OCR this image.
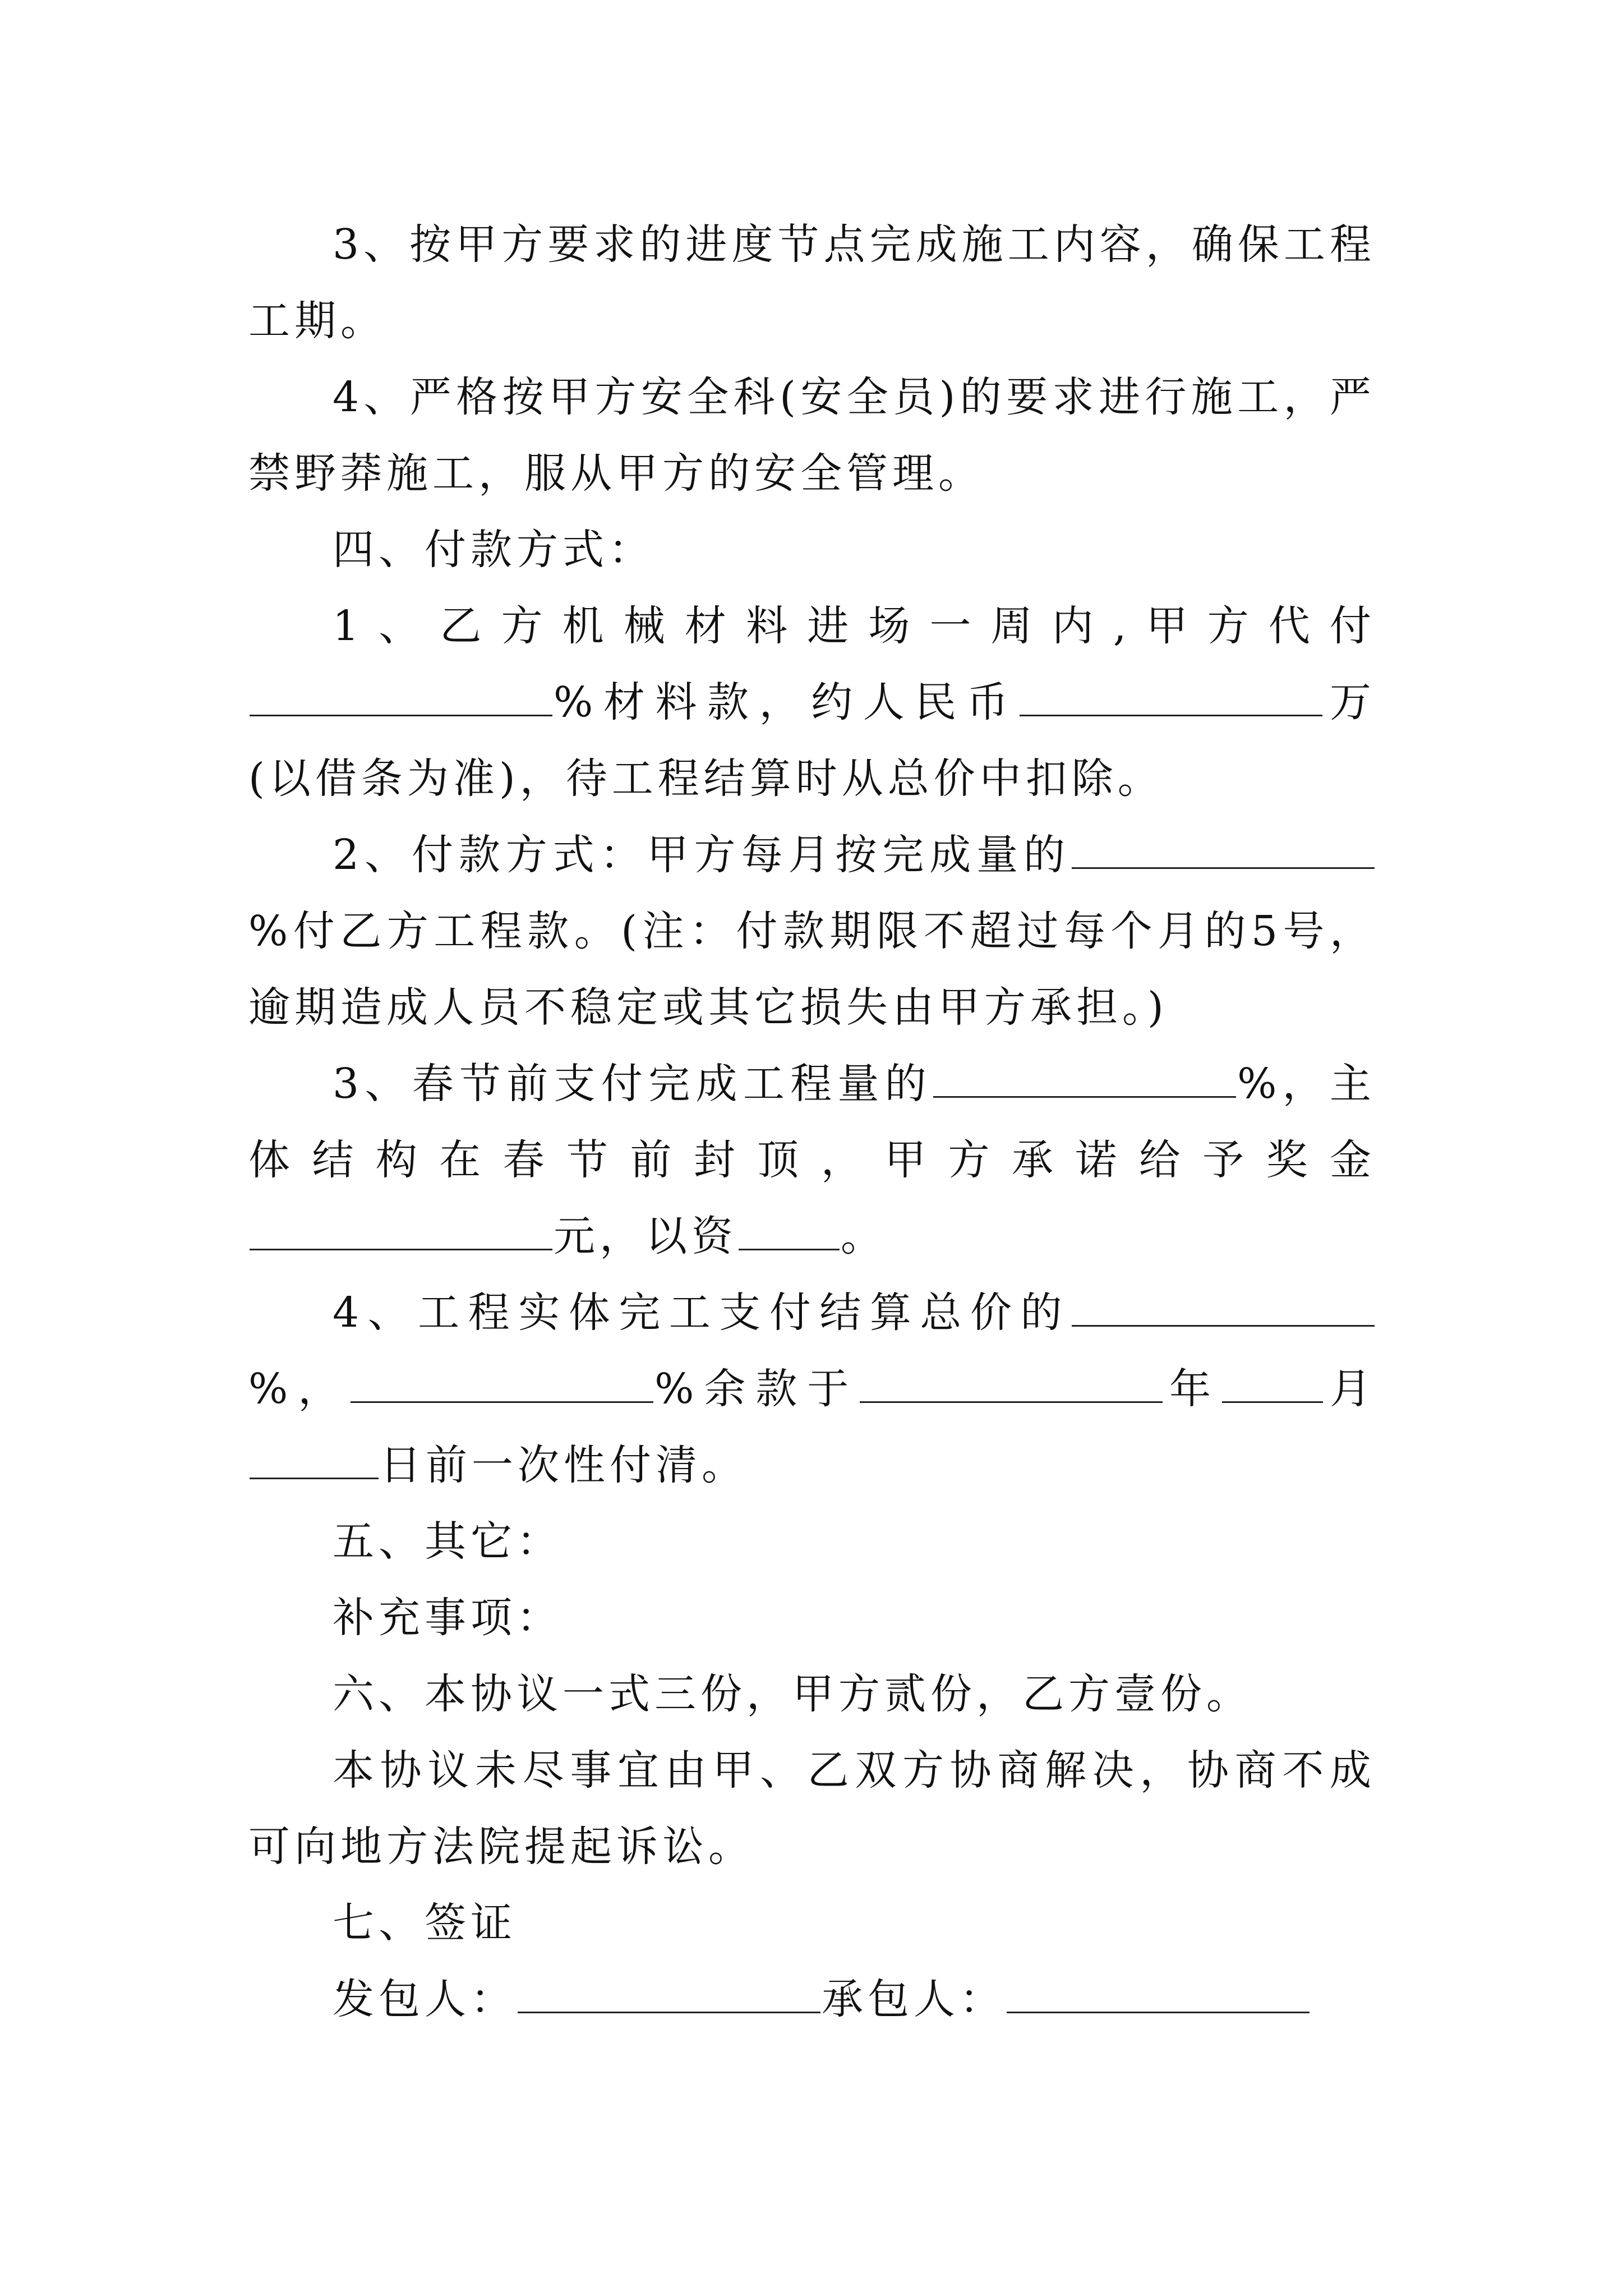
3、按甲方要求的进度节点完成施工内容，确保工程工期。

4、严格按甲方安全科(安全员)的要求进行施工，严禁野莽施工，服从甲方的安全管理。

四、付款方式：

1、乙方机械材料进场一周内,甲方代付%材料款，约人民币	万(以借条为准)，待工程结算时从总价中扣除。

2、付款方式：甲方每月按完成量的%付乙方工程款。(注：付款期限不超过每个月的5号，逾期造成人员不稳定或其它损失由甲方承担。)

3、春节前支付完成工程量的	%，主体结构在春节前封顶，甲方承诺给予奖金元，以资 。

4、工程实体完工支付结算总价的%，	%余款于	年 月日前一次性付清。

五、其它：

补充事项：

六、本协议一式三份，甲方贰份，乙方壹份。

本协议未尽事宜由甲、乙双方协商解决，协商不成可向地方法院提起诉讼。

七、签证

发包人：	承包人：
